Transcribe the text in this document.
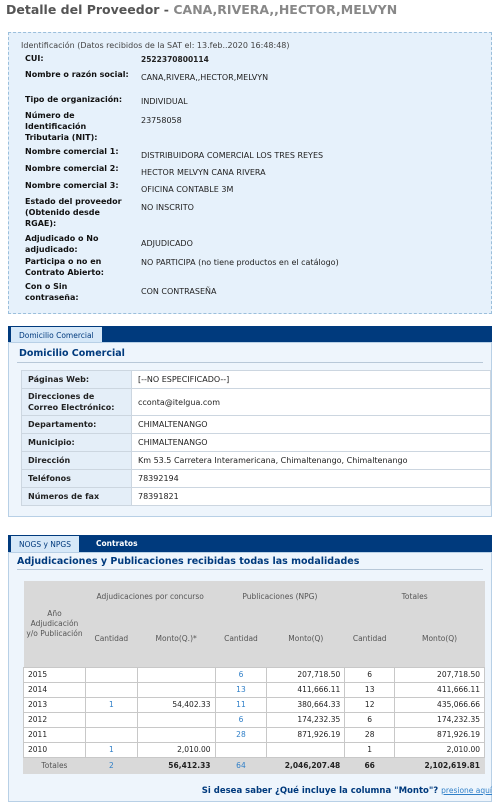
Detalle del Proveedor - CANA,RIVERA,,HECTOR,MELVYN
Identificación (Datos recibidos de la SAT el: 13.feb..2020 16:48:48)
CUI:	2522370800114
Nombre o razón social: CANA,RIVERA,,HECTOR,MELVYN
Tipo de organización:	INDIVIDUAL
Número de Identificación Tributaria (NIT):
23758058
Nombre comercial 1:	DISTRIBUIDORA COMERCIAL LOS TRES REYES
Nombre comercial 2:	HECTOR MELVYN CANA RIVERA
Nombre comercial 3:	OFICINA CONTABLE 3M
Estado del proveedor (Obtenido desde RGAE):
NO INSCRITO
Adjudicado o No adjudicado:
ADJUDICADO
Participa o no en Contrato Abierto:
NO PARTICIPA (no tiene productos en el catálogo)
Con o Sin contraseña:
CON CONTRASEÑA
Domicilio Comercial
Domicilio Comercial
Páginas Web:	[--NO ESPECIFICADO--]
Direcciones de Correo Electrónico:	cconta@itelgua.com
Departamento:	CHIMALTENANGO
Municipio:	CHIMALTENANGO
Dirección	Km 53.5 Carretera Interamericana, Chimaltenango, Chimaltenango
Teléfonos	78392194
Números de fax	78391821
NOGS y NPGS	Contratos
Adjudicaciones y Publicaciones recibidas todas las modalidades
Año Adjudicación y/o Publicación	Adjudicaciones por concurso		Publicaciones (NPG)		Totales	
	Cantidad	Monto(Q.)*	Cantidad	Monto(Q)	Cantidad	Monto(Q)
2015			6	207,718.50	6	207,718.50
2014			13	411,666.11	13	411,666.11
2013	1	54,402.33	11	380,664.33	12	435,066.66
2012			6	174,232.35	6	174,232.35
2011			28	871,926.19	28	871,926.19
2010	1	2,010.00			1	2,010.00
Totales	2	56,412.33	64	2,046,207.48	66	2,102,619.81
Si desea saber ¿Qué incluye la columna "Monto"? presione aquí
